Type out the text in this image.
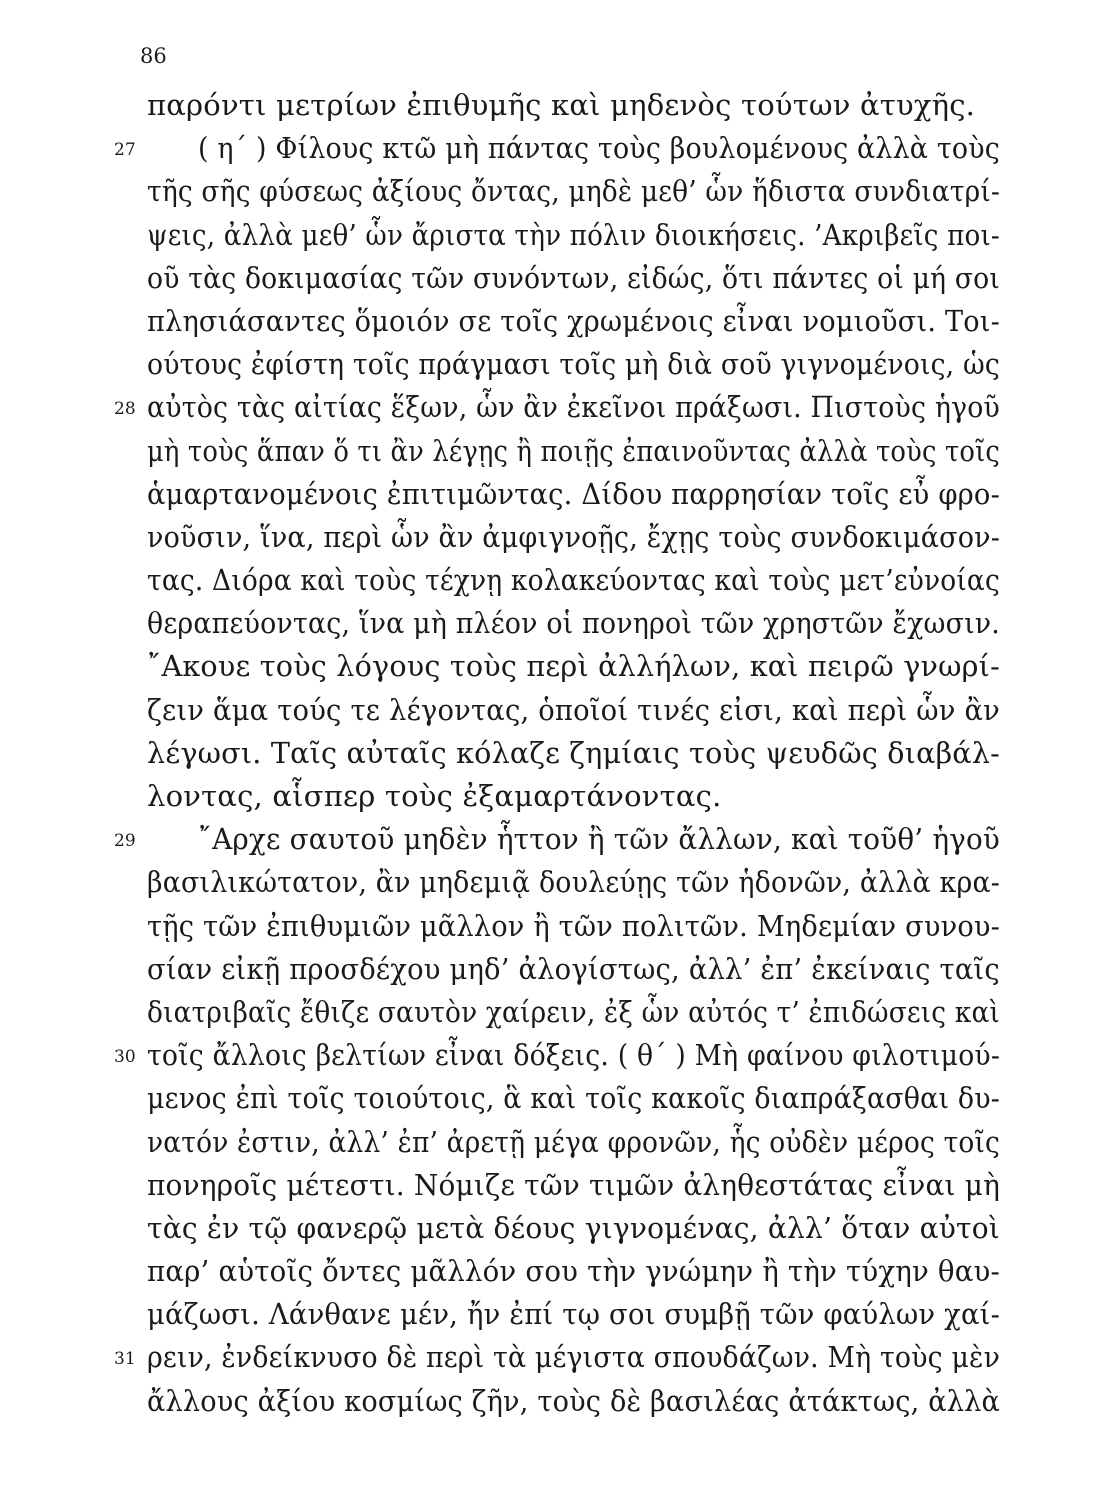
86
παρόντι μετρίων ἐπιθυμῆς καὶ μηδενὸς τούτων ἀτυχῆς.
27 ( η΄ ) Φίλους κτῶ μὴ πάντας τοὺς βουλομένους ἀλλὰ τοὺς
τῆς σῆς φύσεως ἀξίους ὄντας, μηδὲ μεθ’ ὧν ἥδιστα συνδιατρί-
ψεις, ἀλλὰ μεθ’ ὧν ἄριστα τὴν πόλιν διοικήσεις. ’Ακριβεῖς ποι-
οῦ τὰς δοκιμασίας τῶν συνόντων, εἰδώς, ὅτι πάντες οἱ μή σοι
πλησιάσαντες ὅμοιόν σε τοῖς χρωμένοις εἶναι νομιοῦσι. Τοι-
ούτους ἐφίστη τοῖς πράγμασι τοῖς μὴ διὰ σοῦ γιγνομένοις, ὡς
28 αὐτὸς τὰς αἰτίας ἕξων, ὧν ἂν ἐκεῖνοι πράξωσι. Πιστοὺς ἡγοῦ
μὴ τοὺς ἅπαν ὅ τι ἂν λέγῃς ἢ ποιῇς ἐπαινοῦντας ἀλλὰ τοὺς τοῖς
ἁμαρτανομένοις ἐπιτιμῶντας. Δίδου παρρησίαν τοῖς εὖ φρο-
νοῦσιν, ἵνα, περὶ ὧν ἂν ἀμφιγνοῇς, ἔχῃς τοὺς συνδοκιμάσον-
τας. Διόρα καὶ τοὺς τέχνῃ κολακεύοντας καὶ τοὺς μετ’εὐνοίας
θεραπεύοντας, ἵνα μὴ πλέον οἱ πονηροὶ τῶν χρηστῶν ἔχωσιν.
῎Ακουε τοὺς λόγους τοὺς περὶ ἀλλήλων, καὶ πειρῶ γνωρί-
ζειν ἅμα τούς τε λέγοντας, ὁποῖοί τινές εἰσι, καὶ περὶ ὧν ἂν
λέγωσι. Ταῖς αὐταῖς κόλαζε ζημίαις τοὺς ψευδῶς διαβάλ-
λοντας, αἷσπερ τοὺς ἐξαμαρτάνοντας.
29 ῎Αρχε σαυτοῦ μηδὲν ἧττον ἢ τῶν ἄλλων, καὶ τοῦθ’ ἡγοῦ
βασιλικώτατον, ἂν μηδεμιᾷ δουλεύῃς τῶν ἡδονῶν, ἀλλὰ κρα-
τῇς τῶν ἐπιθυμιῶν μᾶλλον ἢ τῶν πολιτῶν. Μηδεμίαν συνου-
σίαν εἰκῇ προσδέχου μηδ’ ἀλογίστως, ἀλλ’ ἐπ’ ἐκείναις ταῖς
διατριβαῖς ἔθιζε σαυτὸν χαίρειν, ἐξ ὧν αὐτός τ’ ἐπιδώσεις καὶ
30 τοῖς ἄλλοις βελτίων εἶναι δόξεις. ( θ΄ ) Μὴ φαίνου φιλοτιμού-
μενος ἐπὶ τοῖς τοιούτοις, ἃ καὶ τοῖς κακοῖς διαπράξασθαι δυ-
νατόν ἐστιν, ἀλλ’ ἐπ’ ἀρετῇ μέγα φρονῶν, ἧς οὐδὲν μέρος τοῖς
πονηροῖς μέτεστι. Νόμιζε τῶν τιμῶν ἀληθεστάτας εἶναι μὴ
τὰς ἐν τῷ φανερῷ μετὰ δέους γιγνομένας, ἀλλ’ ὅταν αὐτοὶ
παρ’ αὑτοῖς ὄντες μᾶλλόν σου τὴν γνώμην ἢ τὴν τύχην θαυ-
μάζωσι. Λάνθανε μέν, ἤν ἐπί τῳ σοι συμβῇ τῶν φαύλων χαί-
31 ρειν, ἐνδείκνυσο δὲ περὶ τὰ μέγιστα σπουδάζων. Μὴ τοὺς μὲν
ἄλλους ἀξίου κοσμίως ζῆν, τοὺς δὲ βασιλέας ἀτάκτως, ἀλλὰ
